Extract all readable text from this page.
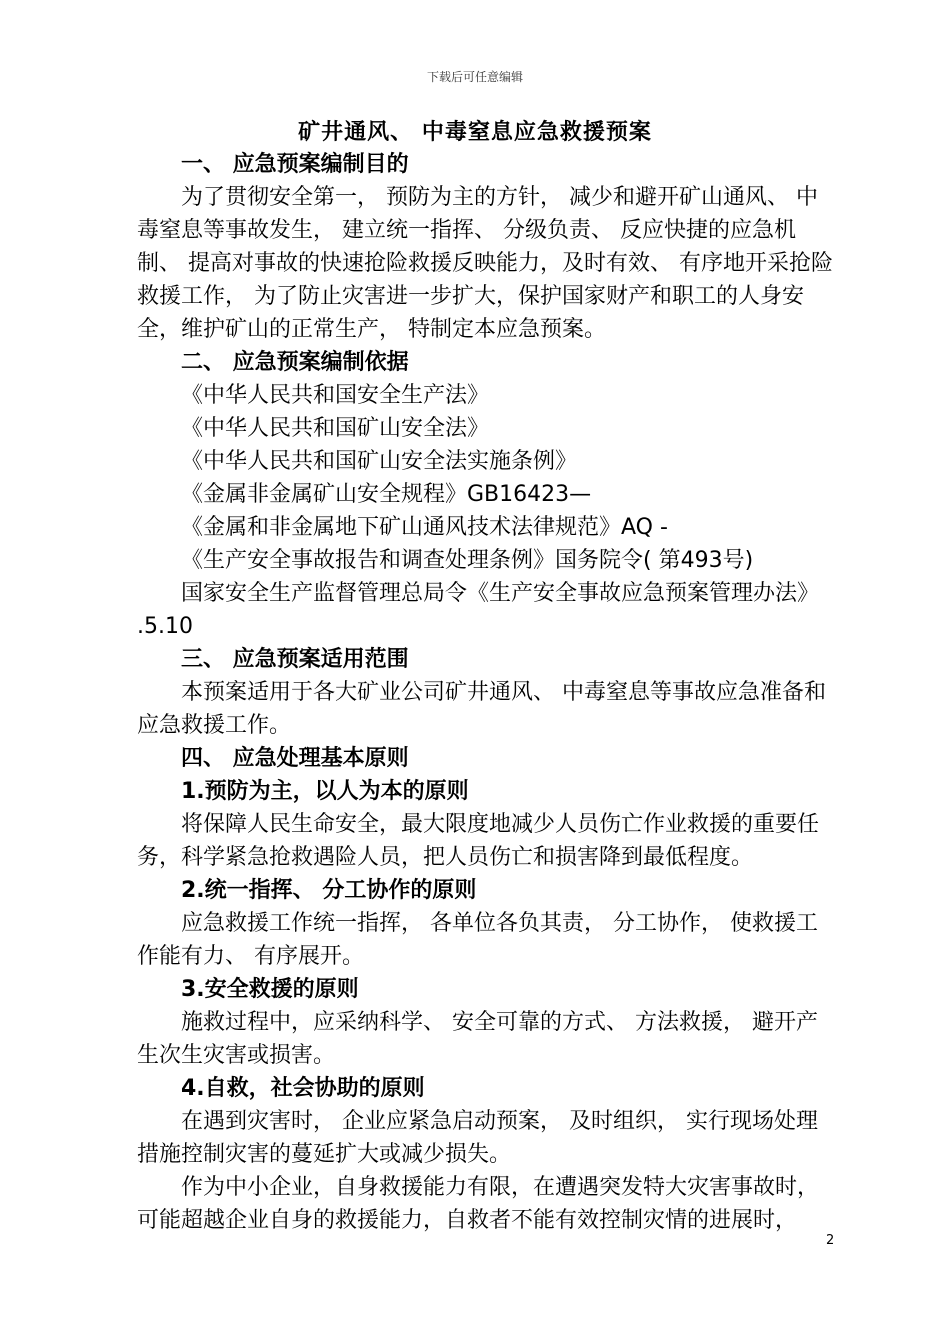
下载后可任意编辑
矿井通风、 中毒窒息应急救援预案

一、 应急预案编制目的

为了贯彻安全第一， 预防为主的方针， 减少和避开矿山通风、 中毒窒息等事故发生， 建立统一指挥、 分级负责、 反应快捷的应急机制、 提高对事故的快速抢险救援反映能力，及时有效、 有序地开采抢险救援工作， 为了防止灾害进一步扩大，保护国家财产和职工的人身安全，维护矿山的正常生产， 特制定本应急预案。

二、 应急预案编制依据

《中华人民共和国安全生产法》

《中华人民共和国矿山安全法》

《中华人民共和国矿山安全法实施条例》

《金属非金属矿山安全规程》GB16423—

《金属和非金属地下矿山通风技术法律规范》AQ -

《生产安全事故报告和调查处理条例》国务院令( 第493号)

国家安全生产监督管理总局令《生产安全事故应急预案管理办法》 .5.10

三、 应急预案适用范围

本预案适用于各大矿业公司矿井通风、 中毒窒息等事故应急准备和应急救援工作。

四、 应急处理基本原则

1.预防为主，以人为本的原则

将保障人民生命安全，最大限度地减少人员伤亡作业救援的重要任务，科学紧急抢救遇险人员，把人员伤亡和损害降到最低程度。

2.统一指挥、 分工协作的原则

应急救援工作统一指挥， 各单位各负其责， 分工协作， 使救援工作能有力、 有序展开。

3.安全救援的原则

施救过程中，应采纳科学、 安全可靠的方式、 方法救援， 避开产生次生灾害或损害。

4.自救，社会协助的原则

在遇到灾害时， 企业应紧急启动预案， 及时组织， 实行现场处理措施控制灾害的蔓延扩大或减少损失。

作为中小企业，自身救援能力有限，在遭遇突发特大灾害事故时，可能超越企业自身的救援能力，自救者不能有效控制灾情的进展时，

2
